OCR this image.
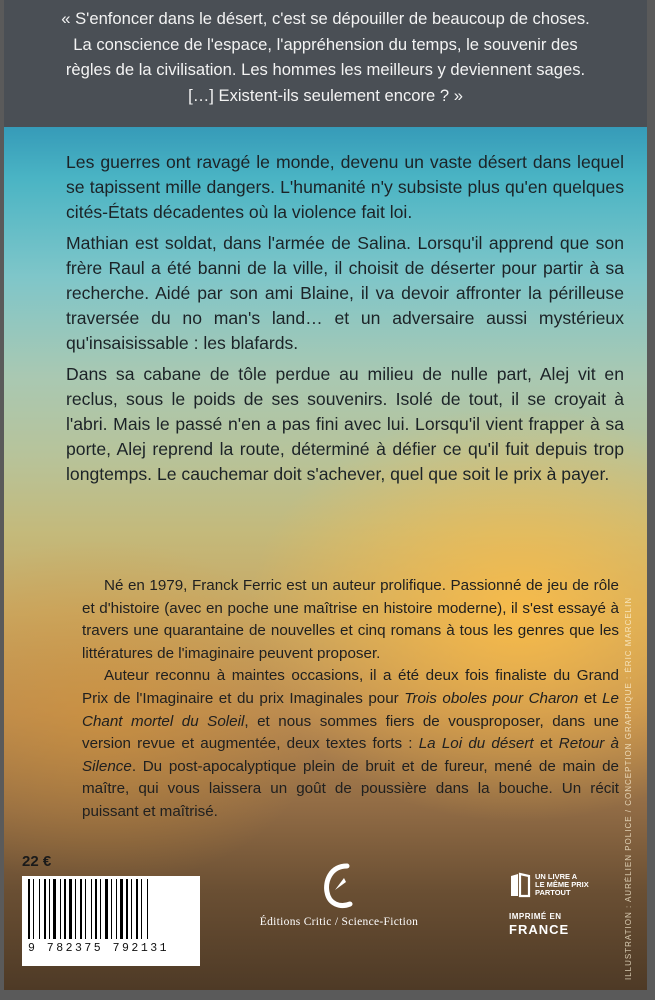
« S'enfoncer dans le désert, c'est se dépouiller de beaucoup de choses.

La conscience de l'espace, l'appréhension du temps, le souvenir des

règles de la civilisation. Les hommes les meilleurs y deviennent sages.

[…] Existent-ils seulement encore ? »

Les guerres ont ravagé le monde, devenu un vaste désert dans lequel se tapissent mille dangers. L'humanité n'y subsiste plus qu'en quelques cités-États décadentes où la violence fait loi.

Mathian est soldat, dans l'armée de Salina. Lorsqu'il apprend que son frère Raul a été banni de la ville, il choisit de déserter pour partir à sa recherche. Aidé par son ami Blaine, il va devoir affronter la périlleuse traversée du no man's land… et un adversaire aussi mystérieux qu'insaisissable : les blafards.

Dans sa cabane de tôle perdue au milieu de nulle part, Alej vit en reclus, sous le poids de ses souvenirs. Isolé de tout, il se croyait à l'abri. Mais le passé n'en a pas fini avec lui. Lorsqu'il vient frapper à sa porte, Alej reprend la route, déterminé à défier ce qu'il fuit depuis trop longtemps. Le cauchemar doit s'achever, quel que soit le prix à payer.

Né en 1979, Franck Ferric est un auteur prolifique. Passionné de jeu de rôle et d'histoire (avec en poche une maîtrise en histoire moderne), il s'est essayé à travers une quarantaine de nouvelles et cinq romans à tous les genres que les littératures de l'imaginaire peuvent proposer.

Auteur reconnu à maintes occasions, il a été deux fois finaliste du Grand Prix de l'Imaginaire et du prix Imaginales pour Trois oboles pour Charon et Le Chant mortel du Soleil, et nous sommes fiers de vousproposer, dans une version revue et augmentée, deux textes forts : La Loi du désert et Retour à Silence. Du post-apocalyptique plein de bruit et de fureur, mené de main de maître, qui vous laissera un goût de poussière dans la bouche. Un récit puissant et maîtrisé.	ILLUSTRATION : AURÉLIEN POLICE / CONCEPTION GRAPHIQUE : ÉRIC MARCELIN
22 €
9 782375 792131
Éditions Critic / Science-Fiction
UN LIVRE A
LE MÊME PRIX
PARTOUT
IMPRIMÉ EN
FRANCE
